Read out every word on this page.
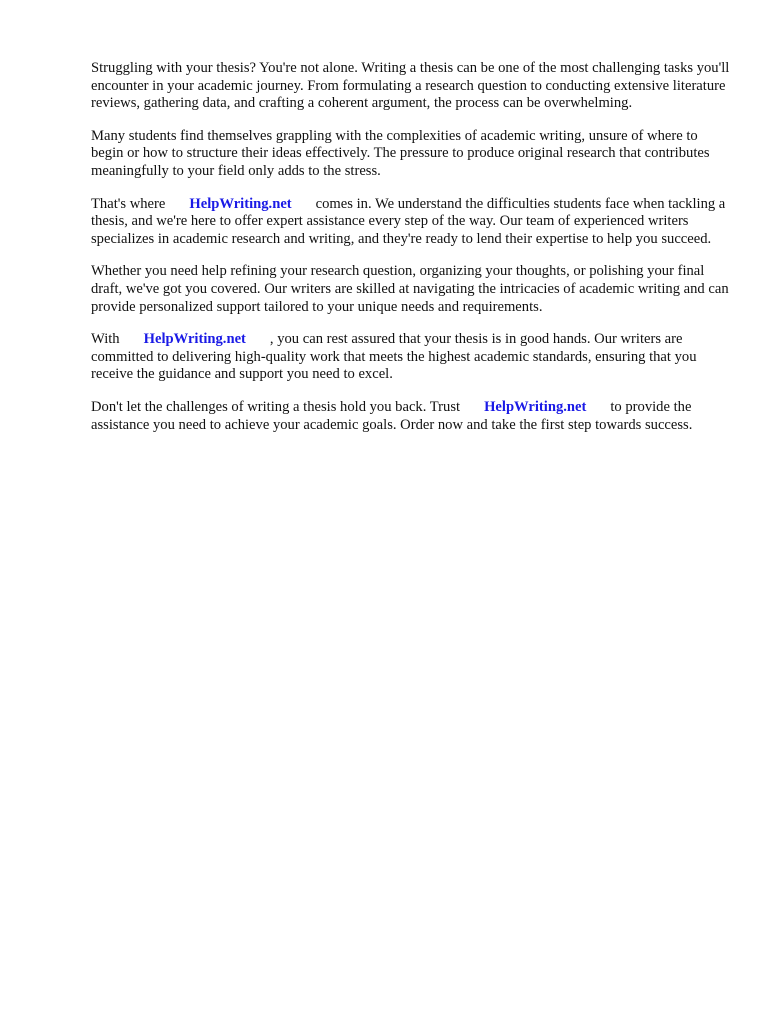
Struggling with your thesis? You're not alone. Writing a thesis can be one of the most challenging tasks you'll encounter in your academic journey. From formulating a research question to conducting extensive literature reviews, gathering data, and crafting a coherent argument, the process can be overwhelming.

Many students find themselves grappling with the complexities of academic writing, unsure of where to begin or how to structure their ideas effectively. The pressure to produce original research that contributes meaningfully to your field only adds to the stress.

That's where HelpWriting.net comes in. We understand the difficulties students face when tackling a thesis, and we're here to offer expert assistance every step of the way. Our team of experienced writers specializes in academic research and writing, and they're ready to lend their expertise to help you succeed.

Whether you need help refining your research question, organizing your thoughts, or polishing your final draft, we've got you covered. Our writers are skilled at navigating the intricacies of academic writing and can provide personalized support tailored to your unique needs and requirements.

With HelpWriting.net , you can rest assured that your thesis is in good hands. Our writers are committed to delivering high-quality work that meets the highest academic standards, ensuring that you receive the guidance and support you need to excel.

Don't let the challenges of writing a thesis hold you back. Trust HelpWriting.net to provide the assistance you need to achieve your academic goals. Order now and take the first step towards success.
